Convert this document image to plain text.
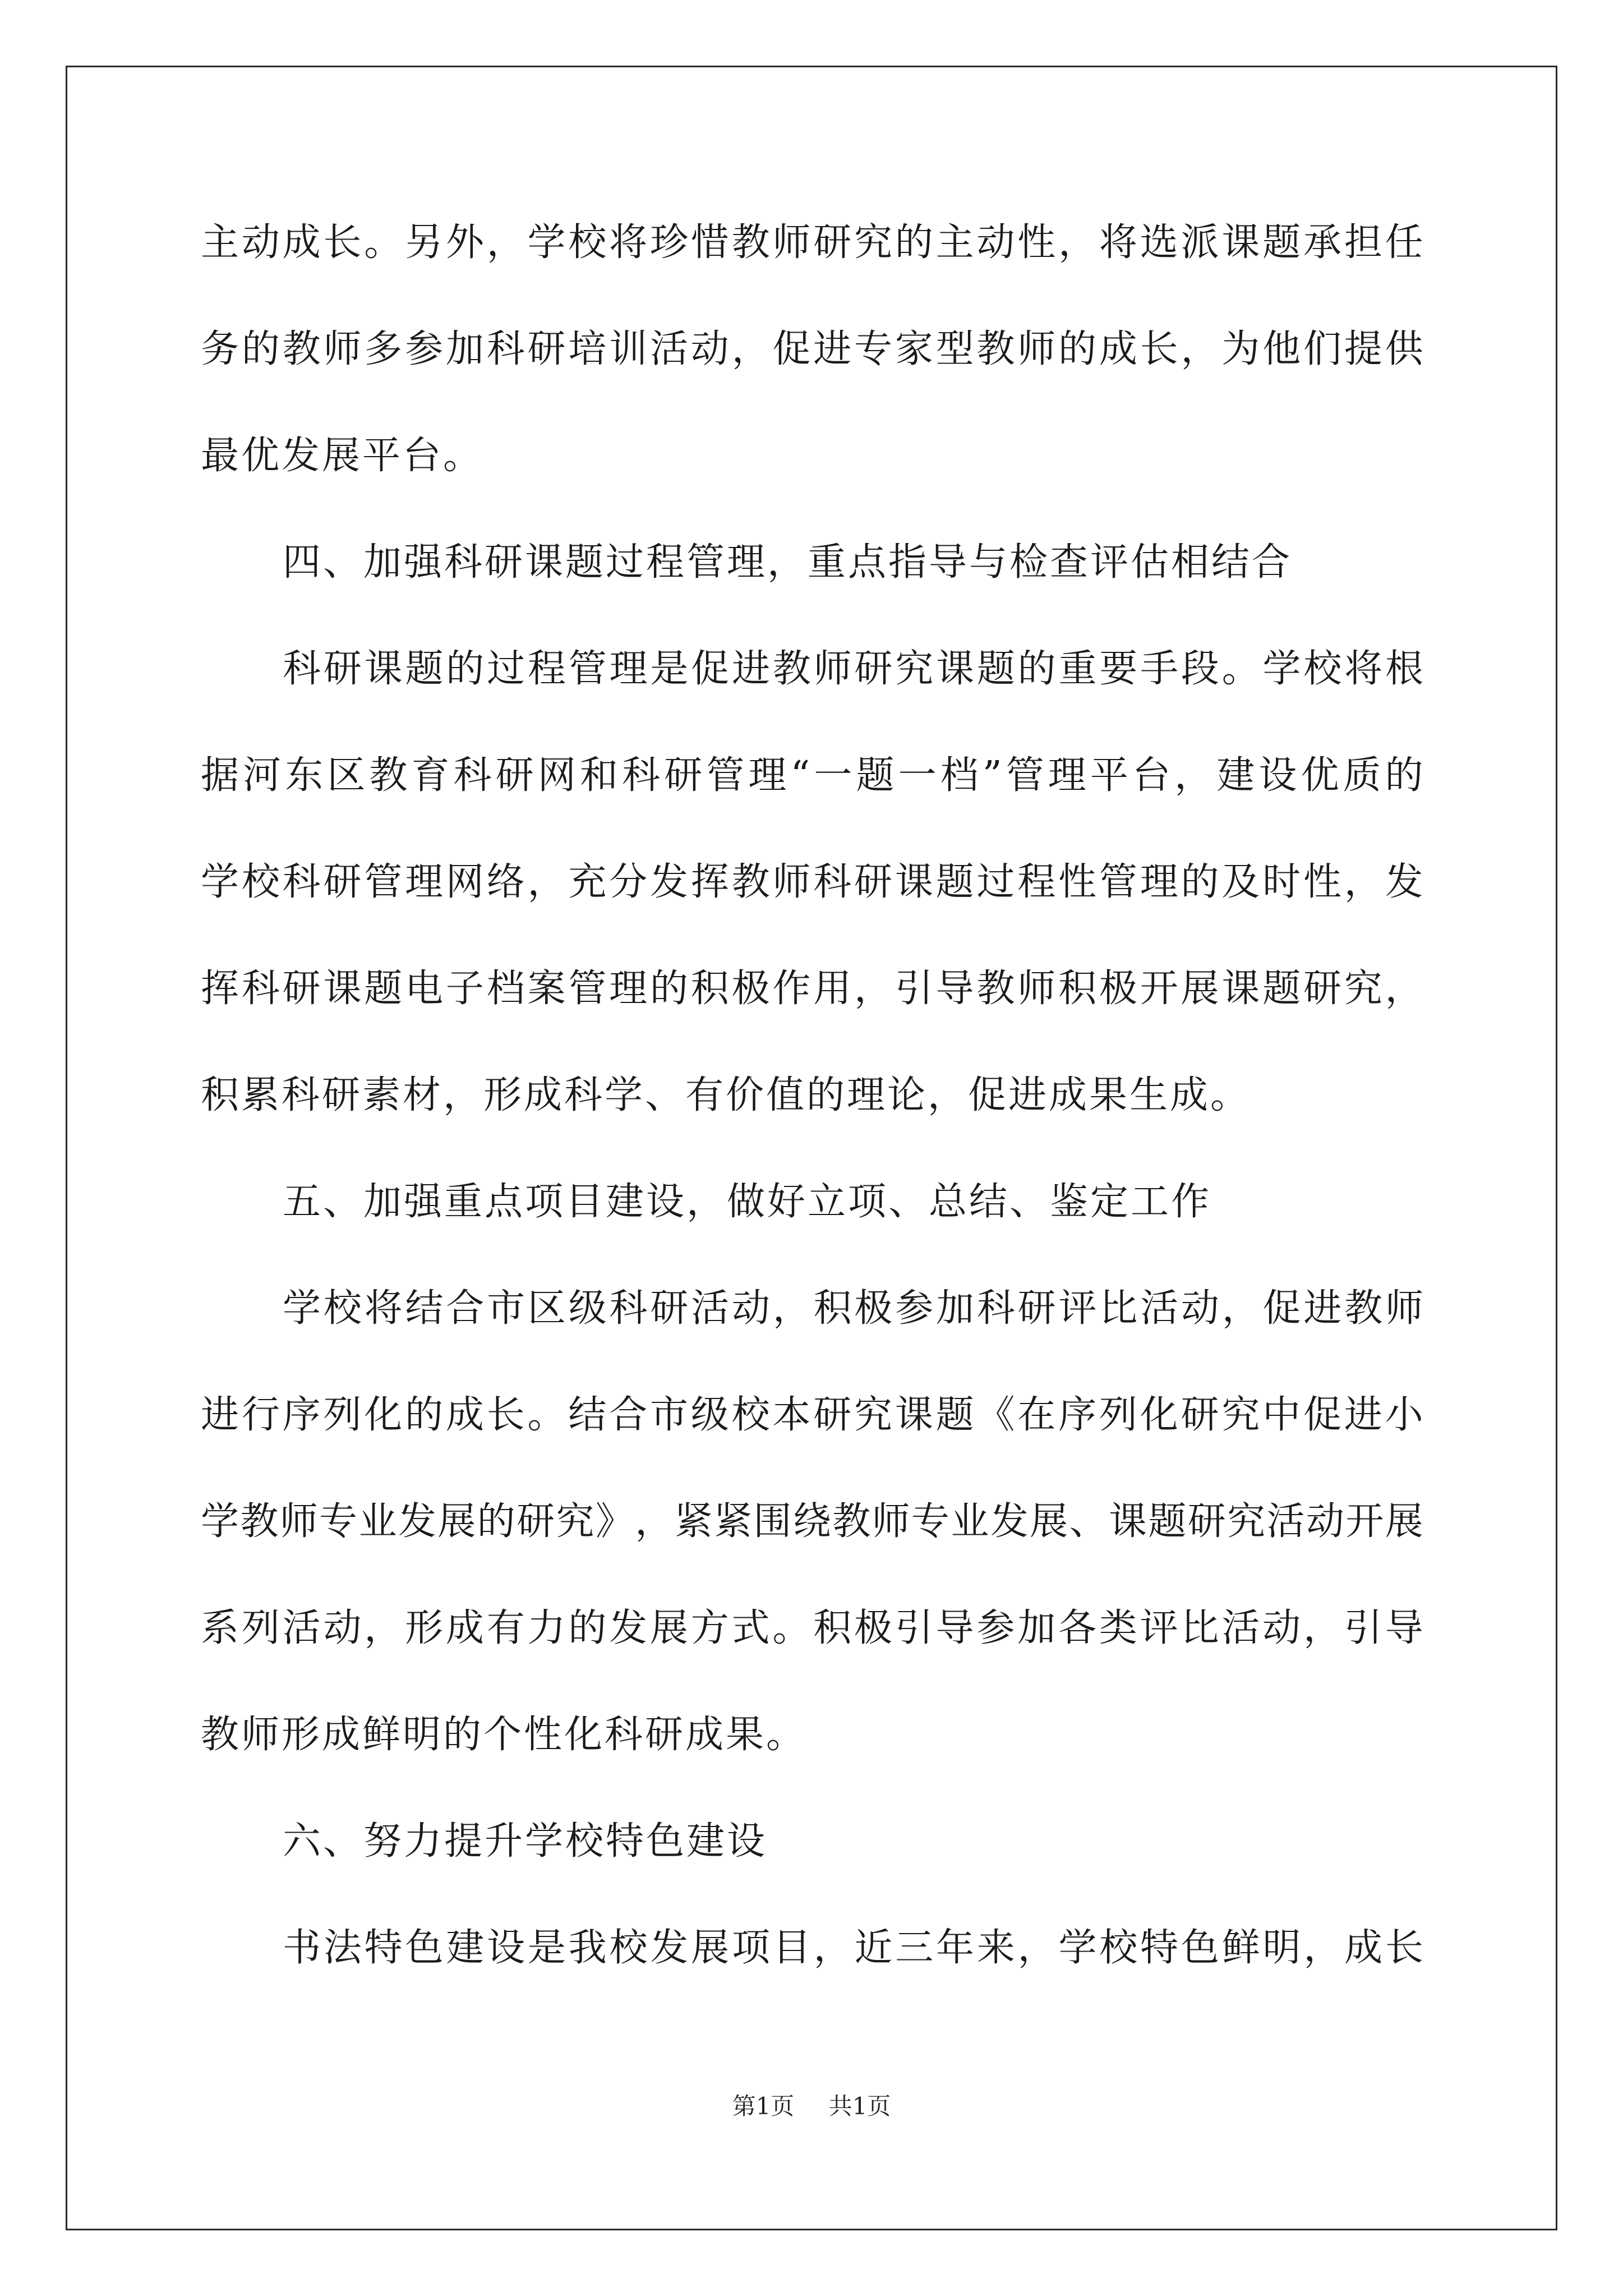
主 动 成 长 。 另 外 ， 学 校 将 珍 惜 教 师 研 究 的 主 动 性 ， 将 选 派 课 题 承 担 任
务 的 教 师 多 参 加 科 研 培 训 活 动 ， 促 进 专 家 型 教 师 的 成 长 ， 为 他 们 提 供
最优发展平台。
四、加强科研课题过程管理，重点指导与检查评估相结合
科 研 课 题 的 过 程 管 理 是 促 进 教 师 研 究 课 题 的 重 要 手 段 。 学 校 将 根
据 河 东 区 教 育 科 研 网 和 科 研 管 理 “ 一 题 一 档 ” 管 理 平 台 ， 建 设 优 质 的
学 校 科 研 管 理 网 络 ， 充 分 发 挥 教 师 科 研 课 题 过 程 性 管 理 的 及 时 性 ， 发
挥 科 研 课 题 电 子 档 案 管 理 的 积 极 作 用 ， 引 导 教 师 积 极 开 展 课 题 研 究 ，
积累科研素材，形成科学、有价值的理论，促进成果生成。
五、加强重点项目建设，做好立项、总结、鉴定工作
学 校 将 结 合 市 区 级 科 研 活 动 ， 积 极 参 加 科 研 评 比 活 动 ， 促 进 教 师
进 行 序 列 化 的 成 长 。 结 合 市 级 校 本 研 究 课 题 《 在 序 列 化 研 究 中 促 进 小
学 教 师 专 业 发 展 的 研 究 》 ， 紧 紧 围 绕 教 师 专 业 发 展 、 课 题 研 究 活 动 开 展
系 列 活 动 ， 形 成 有 力 的 发 展 方 式 。 积 极 引 导 参 加 各 类 评 比 活 动 ， 引 导
教师形成鲜明的个性化科研成果。
六、努力提升学校特色建设
书 法 特 色 建 设 是 我 校 发 展 项 目 ， 近 三 年 来 ， 学 校 特 色 鲜 明 ， 成 长
第1页 共1页
